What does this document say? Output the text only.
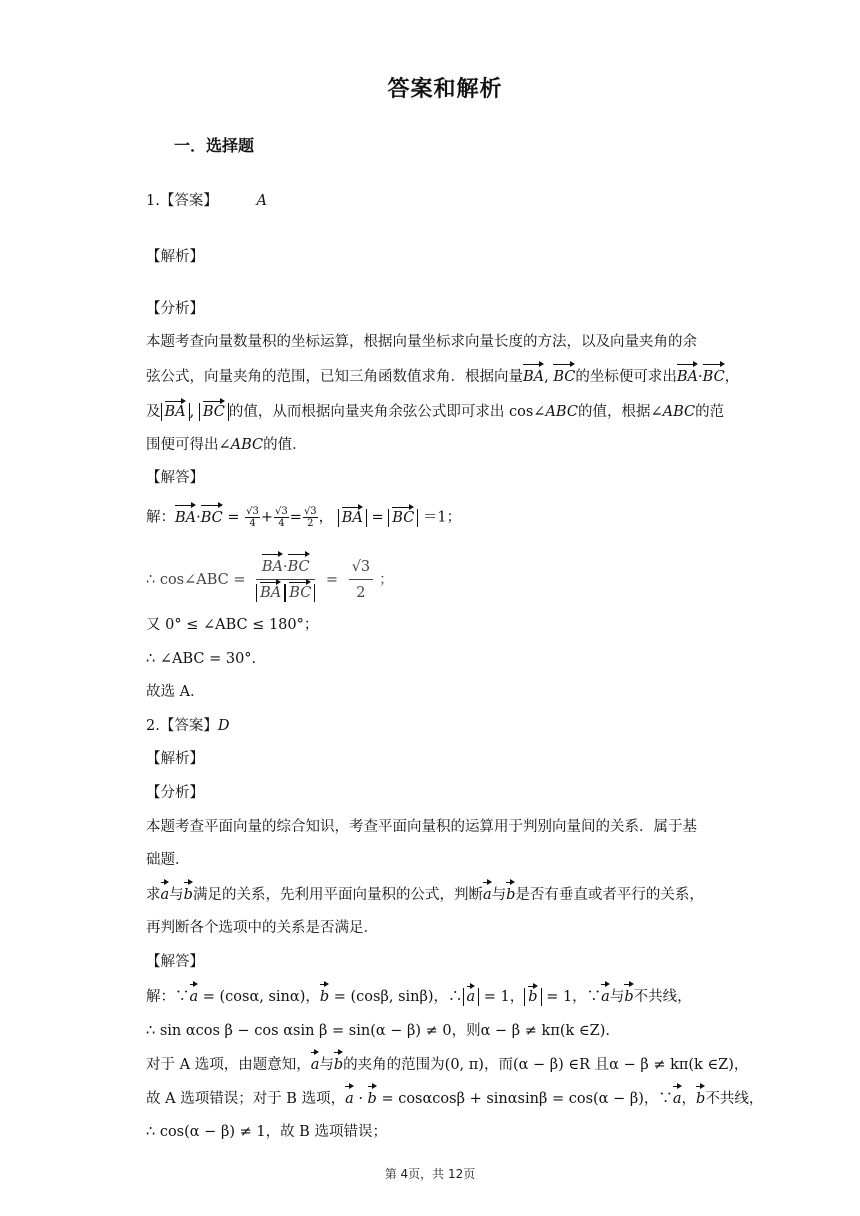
答案和解析
一．选择题
1.【答案】	A
【解析】
【分析】
本题考查向量数量积的坐标运算，根据向量坐标求向量长度的方法，以及向量夹角的余
弦公式，向量夹角的范围，已知三角函数值求角．根据向量BA, BC的坐标便可求出BA·BC，
及 BA , BC 的值，从而根据向量夹角余弦公式即可求出 cos∠ABC的值，根据∠ABC的范
围便可得出∠ABC的值．
【解答】
解：$BA\cdot BC = \frac{√3}{4} + \frac{√3}{4} = \frac{√3}{2}$ ， BA = BC ＝1；
∴ cos∠ABC = $\frac{BA\cdot BC}{\text{BA BC}} = \frac{√3}{2}$ ；
又 0° ≤ ∠ABC ≤ 180°；
∴ ∠ABC = 30°.
故选 A．
2.【答案】D
【解析】
【分析】
本题考查平面向量的综合知识，考查平面向量积的运算用于判别向量间的关系．属于基
础题．
求a与b满足的关系，先利用平面向量积的公式，判断a与b是否有垂直或者平行的关系，
再判断各个选项中的关系是否满足．
【解答】
解：∵a = (cosα, sinα)，b = (cosβ, sinβ)，∴ a = 1， b = 1，∵a与b不共线，
∴ sin αcos β − cos αsin β = sin(α − β) ≠ 0，则α − β ≠ kπ(k ∈Z).
对于 A 选项，由题意知，a与b的夹角的范围为(0, π)，而(α − β) ∈R 且α − β ≠ kπ(k ∈Z)，
故 A 选项错误；对于 B 选项，a · b = cosαcosβ + sinαsinβ = cos(α − β)，∵a，b不共线，
∴ cos(α − β) ≠ 1，故 B 选项错误；
第 4页，共 12页
